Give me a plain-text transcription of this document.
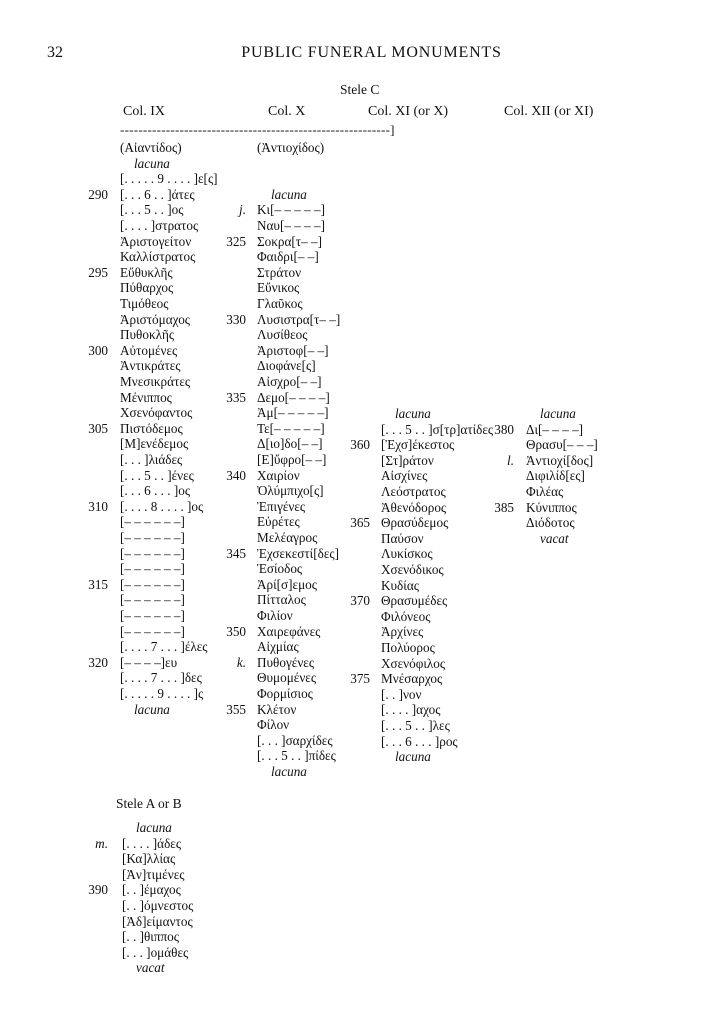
32	PUBLIC FUNERAL MONUMENTS
Stele C
Col. IX	Col. X	Col. XI (or X)	Col. XII (or XI)
-----------------------------------------------------------]
(Αἰαντίδος)
lacuna
[. . . . . 9 . . . . ]ε[ς]
290 [. . . 6 . . ]άτες
[. . . 5 . . ]ος
[. . . . ]στρατος
Ἀριστογείτον
Καλλίστρατος
295 Εὔθυκλῆς
Πύθαρχος
Τιμόθεος
Ἀριστόμαχος
Πυθοκλῆς
300 Αὐτομένες
Ἀντικράτες
Μνεσικράτες
Μένιππος
Χσενόφαντος
305 Πιστόδεμος
[Μ]ενέδεμος
[. . . ]λιάδες
[. . . 5 . . ]ένες
[. . . 6 . . . ]ος
310 [. . . . 8 . . . . ]ος
[– – – – – –]
[– – – – – –]
[– – – – – –]
[– – – – – –]
315 [– – – – – –]
[– – – – – –]
[– – – – – –]
[– – – – – –]
[. . . . 7 . . . ]έλες
320 [– – – –]ευ
[. . . . 7 . . . ]δες
[. . . . . 9 . . . . ]ς
lacuna
(Ἀντιοχίδος)
lacuna
j. Κι[– – – – –]
Ναυ[– – – –]
325 Σοκρα[τ– –]
Φαιδρι[– –]
Στράτον
Εὔνικος
Γλαῦκος
330 Λυσιστρα[τ– –]
Λυσίθεος
Ἀριστοφ[– –]
Διοφάνε[ς]
Αἰσχρο[– –]
335 Δεμο[– – – –]
Ἀμ[– – – – –]
Τε[– – – – –]
Δ[ιο]δο[– –]
[Ε]ὔφρο[– –]
340 Χαιρίον
Ὀλύμπιχο[ς]
Ἐπιγένες
Εὐρέτες
Μελέαγρος
345 Ἐχσεκεστί[δες]
Ἑσίοδος
Ἀρί[σ]εμος
Πίτταλος
Φιλίον
350 Χαιρεφάνες
Αἰχμίας
k. Πυθογένες
Θυμομένες
Φορμίσιος
355 Κλέτον
Φίλον
[. . . ]σαρχίδες
[. . . 5 . . ]πίδες
lacuna
lacuna
[. . . 5 . . ]σ[τρ]ατίδες
360 [Ἐχσ]έκεστος
[Στ]ράτον
Αἰσχίνες
Λεόστρατος
Ἀθενόδορος
365 Θρασύδεμος
Παύσον
Λυκίσκος
Χσενόδικος
Κυδίας
370 Θρασυμέδες
Φιλόνεος
Ἀρχίνες
Πολύορος
Χσενόφιλος
375 Μνέσαρχος
[. . ]νον
[. . . . ]αχος
[. . . 5 . . ]λες
[. . . 6 . . . ]ρος
lacuna
lacuna
380 Δι[– – – –]
Θρασυ[– – –]
l. Ἀντιοχί[δος]
Διφιλίδ[ες]
Φιλέας
385 Κύνιππος
Διόδοτος
vacat
Stele A or B
lacuna
m. [. . . . ]άδες
[Κα]λλίας
[Ἀν]τιμένες
390 [. . ]έμαχος
[. . ]όμνεστος
[Ἀδ]είμαντος
[. . ]θιππος
[. . . ]ομάθες
vacat
